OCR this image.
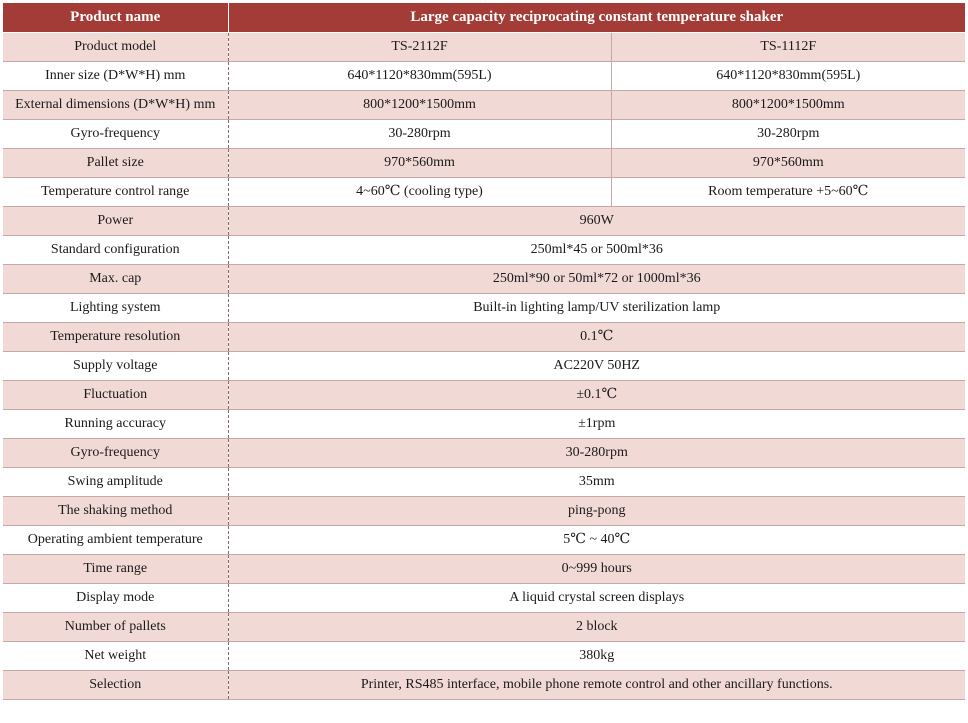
Product name	Large capacity reciprocating constant temperature shaker	
Product model	TS-2112F	TS-1112F
Inner size (D*W*H) mm	640*1120*830mm(595L)	640*1120*830mm(595L)
External dimensions (D*W*H) mm	800*1200*1500mm	800*1200*1500mm
Gyro-frequency	30-280rpm	30-280rpm
Pallet size	970*560mm	970*560mm
Temperature control range	4~60℃ (cooling type)	Room temperature +5~60℃
Power	960W	
Standard configuration	250ml*45 or 500ml*36	
Max. cap	250ml*90 or 50ml*72 or 1000ml*36	
Lighting system	Built-in lighting lamp/UV sterilization lamp	
Temperature resolution	0.1℃	
Supply voltage	AC220V 50HZ	
Fluctuation	±0.1℃	
Running accuracy	±1rpm	
Gyro-frequency	30-280rpm	
Swing amplitude	35mm	
The shaking method	ping-pong	
Operating ambient temperature	5℃ ~ 40℃	
Time range	0~999 hours	
Display mode	A liquid crystal screen displays	
Number of pallets	2 block	
Net weight	380kg	
Selection	Printer, RS485 interface, mobile phone remote control and other ancillary functions.	
